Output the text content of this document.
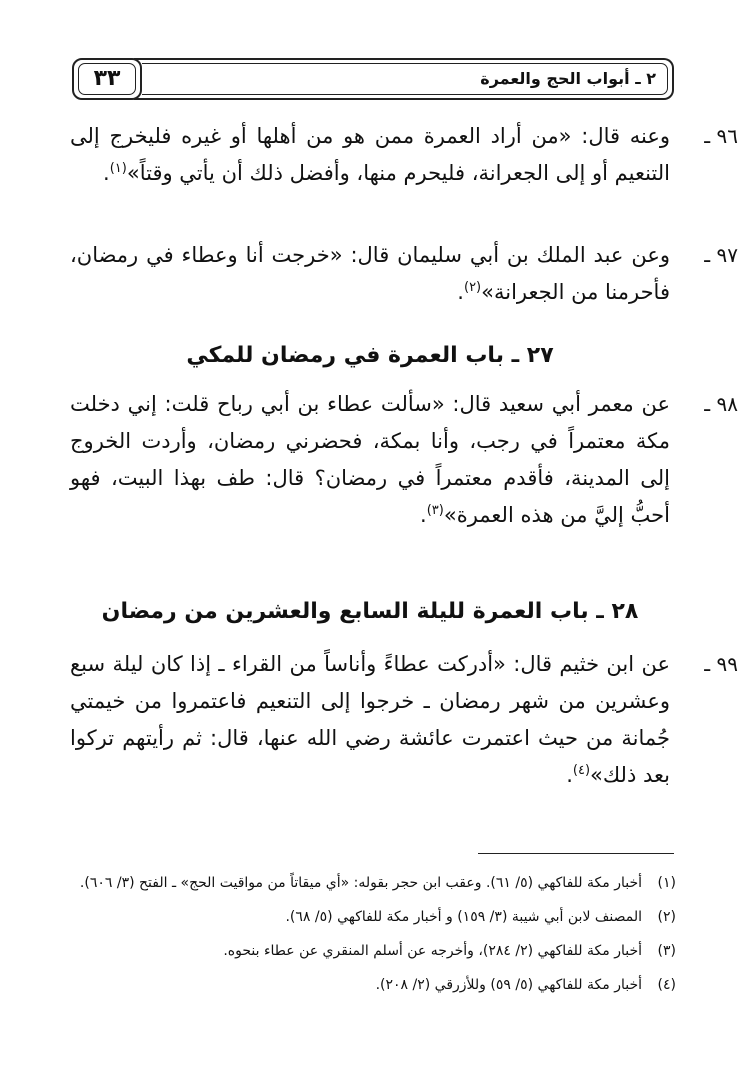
٣٣	٢ ـ أبواب الحج والعمرة
٩٦ ـ

وعنه قال: «من أراد العمرة ممن هو من أهلها أو غيره فليخرج إلى التنعيم أو إلى الجعرانة، فليحرم منها، وأفضل ذلك أن يأتي وقتاً»$^{(١)}$.

٩٧ ـ

وعن عبد الملك بن أبي سليمان قال: «خرجت أنا وعطاء في رمضان، فأحرمنا من الجعرانة»$^{(٢)}$.

٢٧ ـ باب العمرة في رمضان للمكي
٩٨ ـ

عن معمر أبي سعيد قال: «سألت عطاء بن أبي رباح قلت: إني دخلت مكة معتمراً في رجب، وأنا بمكة، فحضرني رمضان، وأردت الخروج إلى المدينة، فأقدم معتمراً في رمضان؟ قال: طف بهذا البيت، فهو أحبُّ إليَّ من هذه العمرة»$^{(٣)}$.

٢٨ ـ باب العمرة لليلة السابع والعشرين من رمضان
٩٩ ـ

عن ابن خثيم قال: «أدركت عطاءً وأناساً من القراء ـ إذا كان ليلة سبع وعشرين من شهر رمضان ـ خرجوا إلى التنعيم فاعتمروا من خيمتي جُمانة من حيث اعتمرت عائشة رضي الله عنها، قال: ثم رأيتهم تركوا بعد ذلك»$^{(٤)}$.

(١)
أخبار مكة للفاكهي (٥/ ٦١). وعقب ابن حجر بقوله: «أي ميقاتاً من مواقيت الحج» ـ الفتح (٣/ ٦٠٦).

(٢)
المصنف لابن أبي شيبة (٣/ ١٥٩) و أخبار مكة للفاكهي (٥/ ٦٨).

(٣)
أخبار مكة للفاكهي (٢/ ٢٨٤)، وأخرجه عن أسلم المنقري عن عطاء بنحوه.

(٤)
أخبار مكة للفاكهي (٥/ ٥٩) وللأزرقي (٢/ ٢٠٨).
